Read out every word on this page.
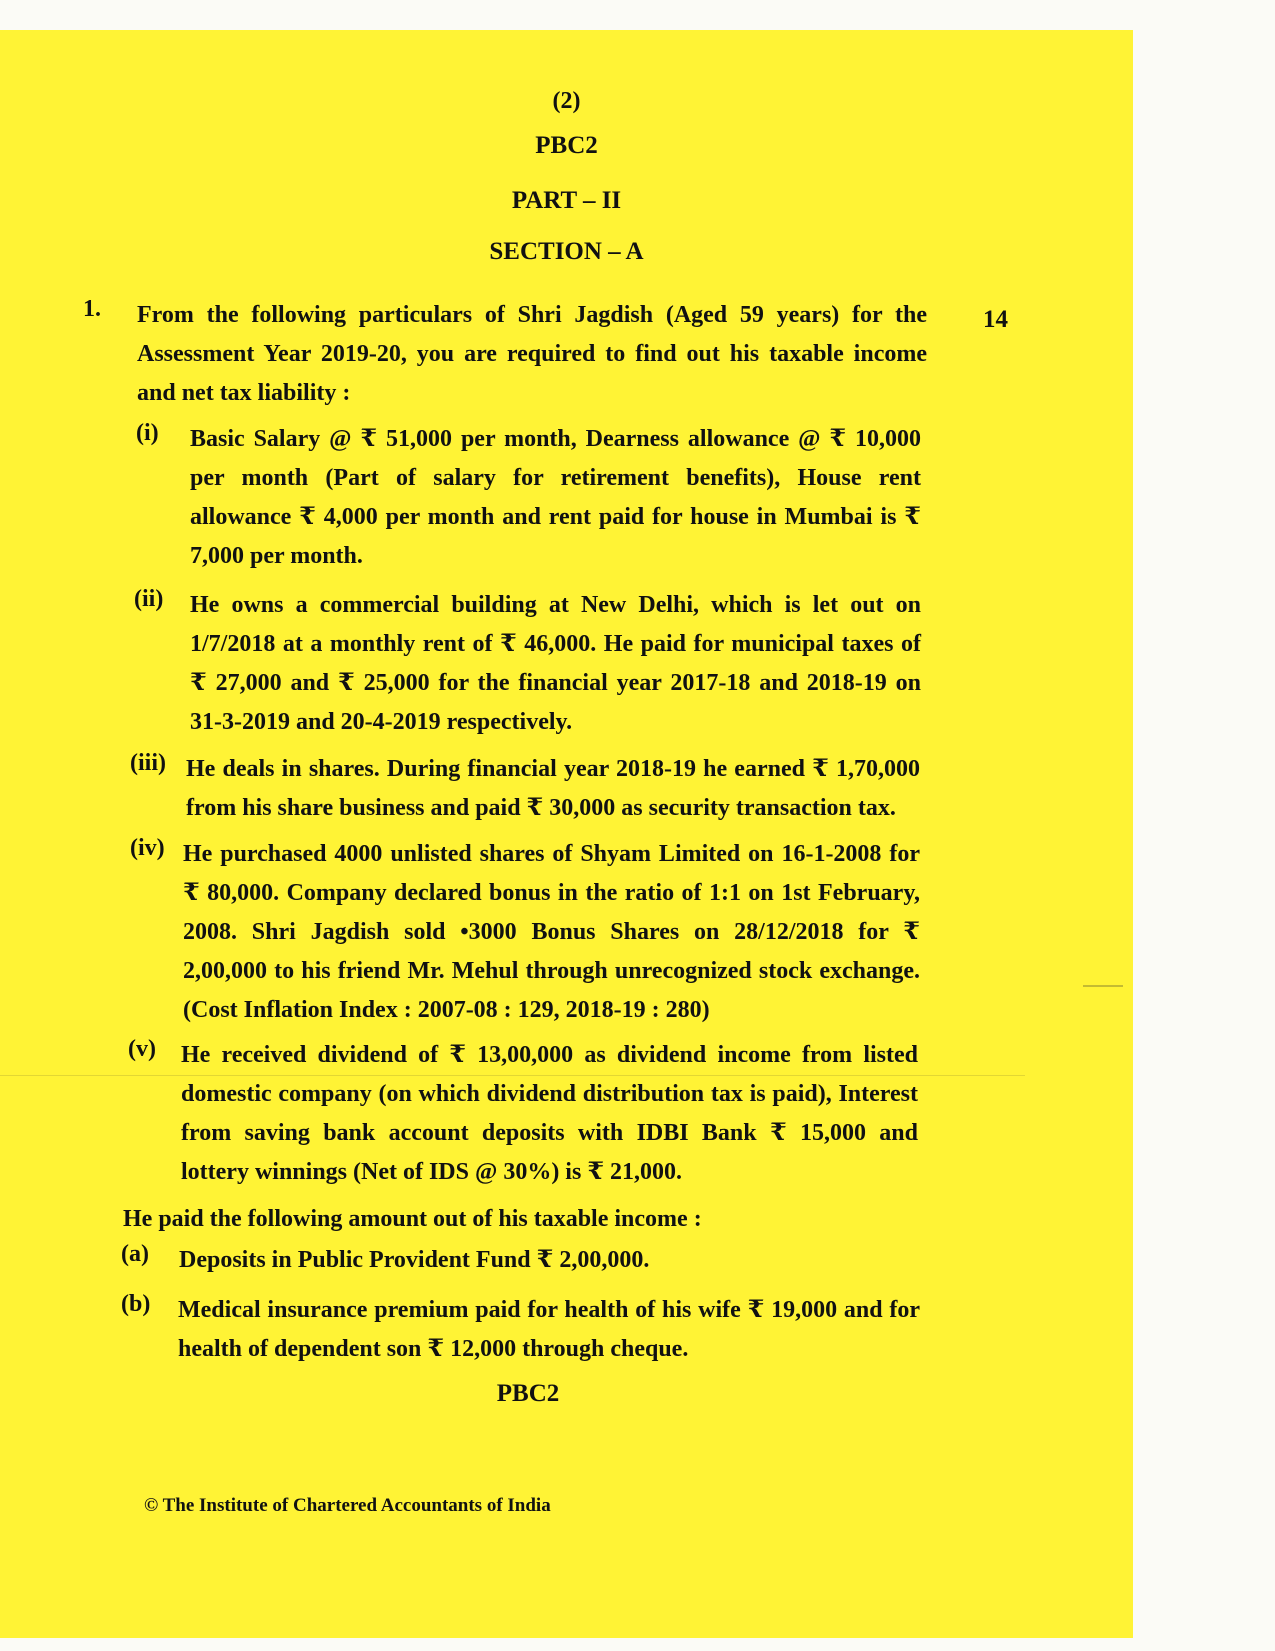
(2)
PBC2
PART – II
SECTION – A
1.	14
From the following particulars of Shri Jagdish (Aged 59 years) for the Assessment Year 2019-20, you are required to find out his taxable income and net tax liability :
(i) Basic Salary @ ₹ 51,000 per month, Dearness allowance @ ₹ 10,000 per month (Part of salary for retirement benefits), House rent allowance ₹ 4,000 per month and rent paid for house in Mumbai is ₹ 7,000 per month.
(ii) He owns a commercial building at New Delhi, which is let out on 1/7/2018 at a monthly rent of ₹ 46,000. He paid for municipal taxes of ₹ 27,000 and ₹ 25,000 for the financial year 2017-18 and 2018-19 on 31-3-2019 and 20-4-2019 respectively.
(iii) He deals in shares. During financial year 2018-19 he earned ₹ 1,70,000 from his share business and paid ₹ 30,000 as security transaction tax.
(iv) He purchased 4000 unlisted shares of Shyam Limited on 16-1-2008 for ₹ 80,000. Company declared bonus in the ratio of 1:1 on 1st February, 2008. Shri Jagdish sold •3000 Bonus Shares on 28/12/2018 for ₹ 2,00,000 to his friend Mr. Mehul through unrecognized stock exchange. (Cost Inflation Index : 2007-08 : 129, 2018-19 : 280)
(v) He received dividend of ₹ 13,00,000 as dividend income from listed domestic company (on which dividend distribution tax is paid), Interest from saving bank account deposits with IDBI Bank ₹ 15,000 and lottery winnings (Net of IDS @ 30%) is ₹ 21,000.
He paid the following amount out of his taxable income :
(a) Deposits in Public Provident Fund ₹ 2,00,000.
(b) Medical insurance premium paid for health of his wife ₹ 19,000 and for health of dependent son ₹ 12,000 through cheque.
PBC2
© The Institute of Chartered Accountants of India
